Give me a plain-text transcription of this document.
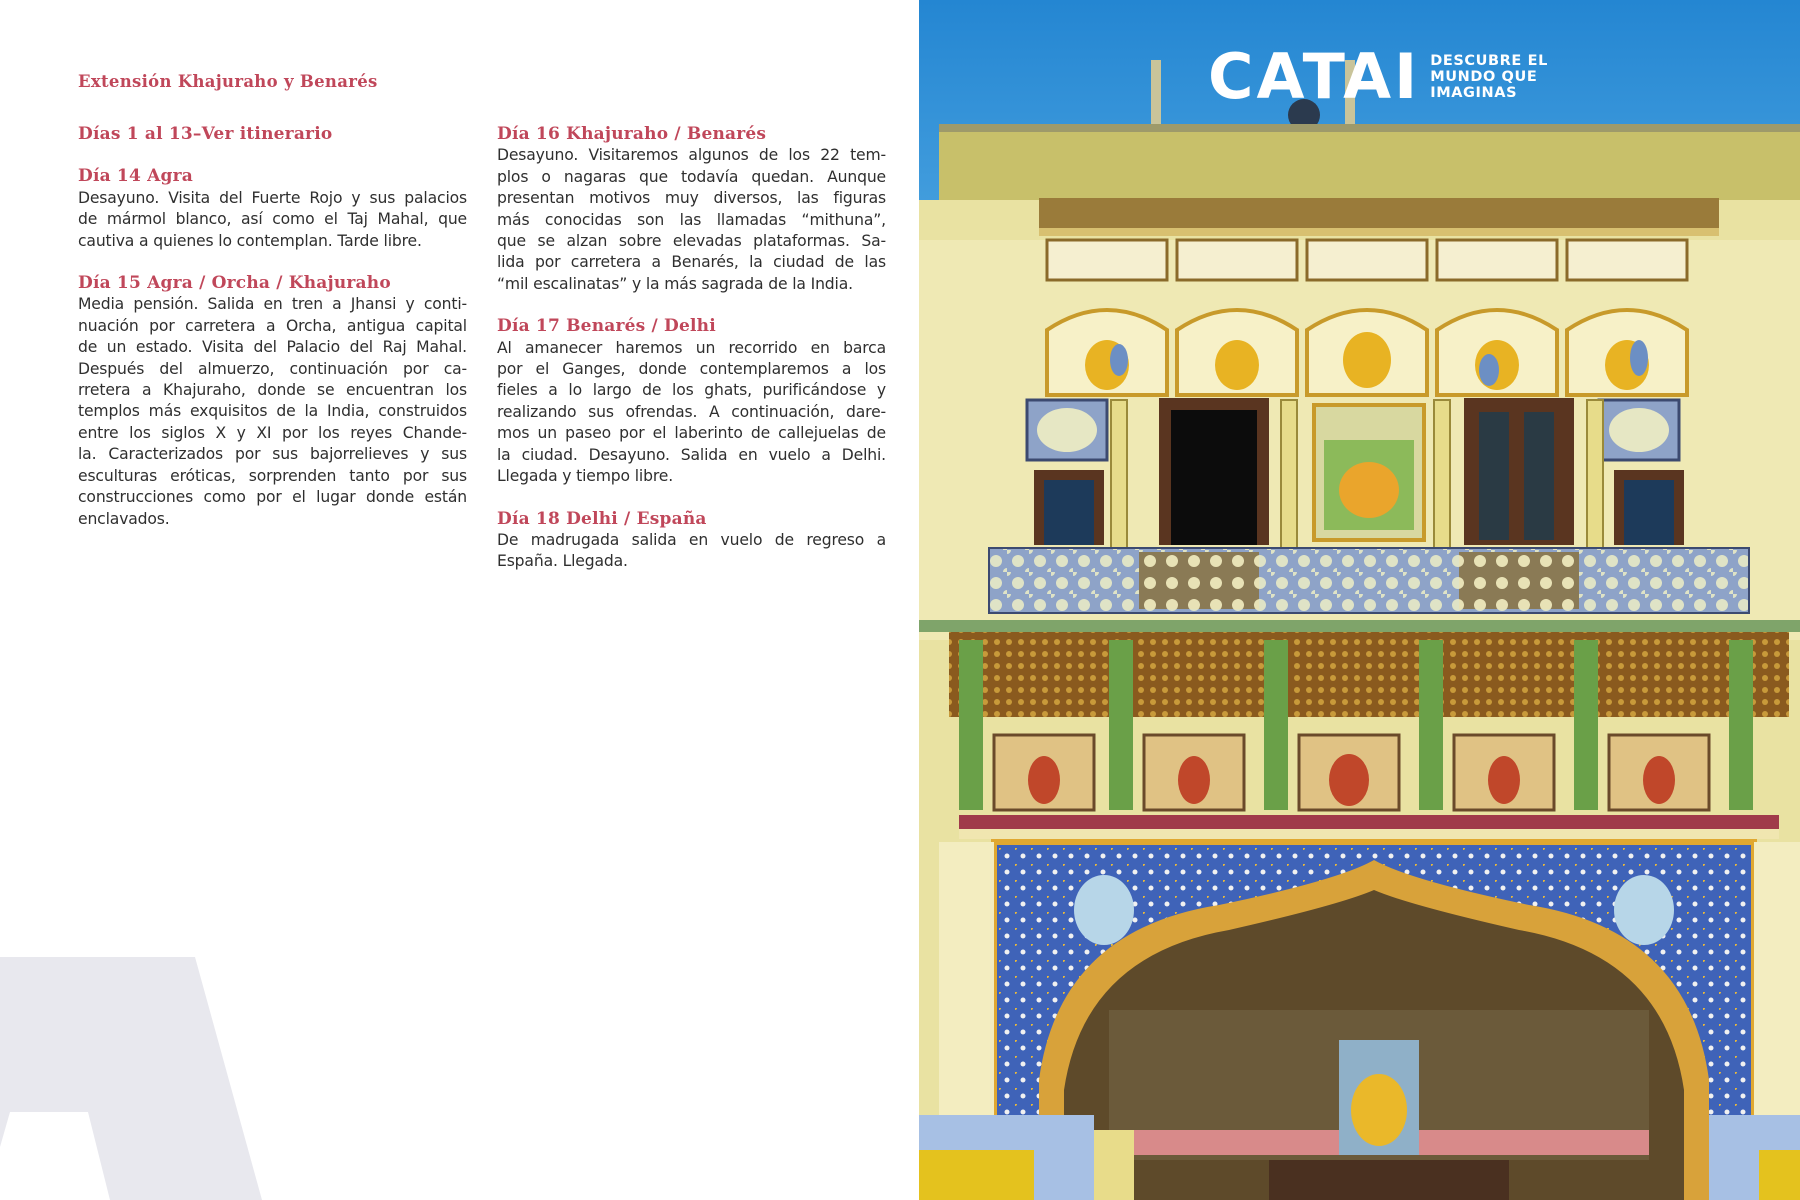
Extensión Khajuraho y Benarés
Días 1 al 13–Ver itinerario
Día 14 Agra
Desayuno. Visita del Fuerte Rojo y sus palacios
de mármol blanco, así como el Taj Mahal, que
cautiva a quienes lo contemplan. Tarde libre.
Día 15 Agra / Orcha / Khajuraho
Media pensión. Salida en tren a Jhansi y conti-
nuación por carretera a Orcha, antigua capital
de un estado. Visita del Palacio del Raj Mahal.
Después del almuerzo, continuación por ca-
rretera a Khajuraho, donde se encuentran los
templos más exquisitos de la India, construidos
entre los siglos X y XI por los reyes Chande-
la. Caracterizados por sus bajorrelieves y sus
esculturas eróticas, sorprenden tanto por sus
construcciones como por el lugar donde están
enclavados.
Día 16 Khajuraho / Benarés
Desayuno. Visitaremos algunos de los 22 tem-
plos o nagaras que todavía quedan. Aunque
presentan motivos muy diversos, las figuras
más conocidas son las llamadas “mithuna”,
que se alzan sobre elevadas plataformas. Sa-
lida por carretera a Benarés, la ciudad de las
“mil escalinatas” y la más sagrada de la India.
Día 17 Benarés / Delhi
Al amanecer haremos un recorrido en barca
por el Ganges, donde contemplaremos a los
fieles a lo largo de los ghats, purificándose y
realizando sus ofrendas. A continuación, dare-
mos un paseo por el laberinto de callejuelas de
la ciudad. Desayuno. Salida en vuelo a Delhi.
Llegada y tiempo libre.
Día 18 Delhi / España
De madrugada salida en vuelo de regreso a
España. Llegada.
CATAI DESCUBRE EL
MUNDO QUE
IMAGINAS
